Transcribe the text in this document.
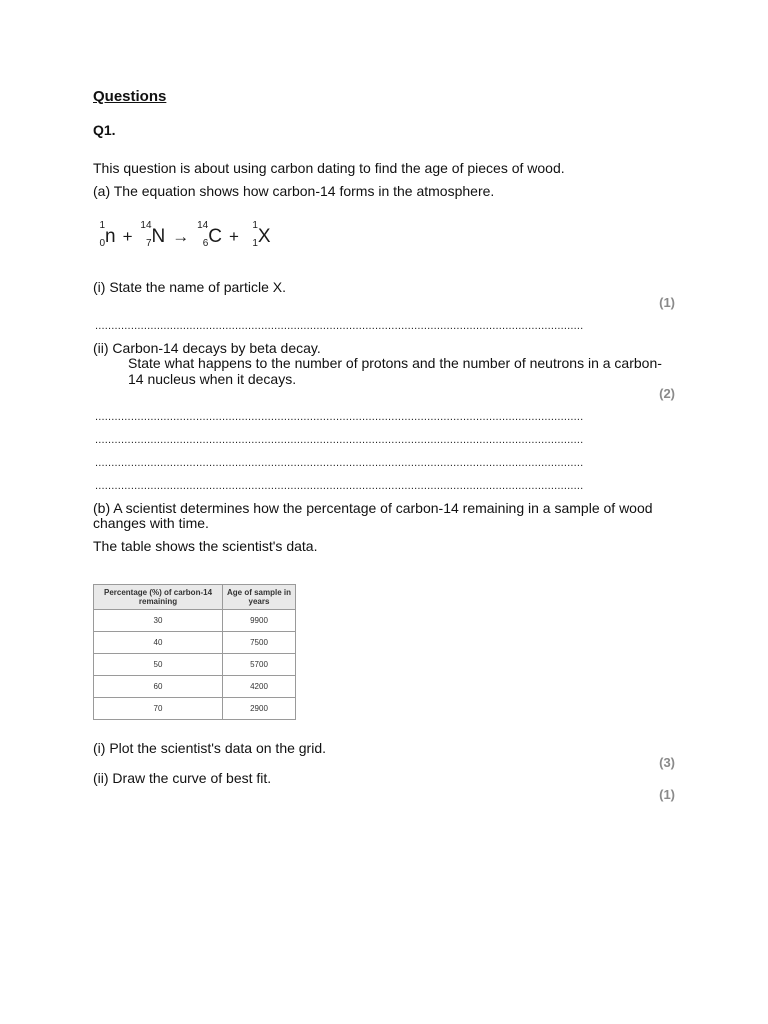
Questions
Q1.
This question is about using carbon dating to find the age of pieces of wood.
(a) The equation shows how carbon-14 forms in the atmosphere.
1
0 n +
14
7 N →
14
6 C +
1
1 X
(i) State the name of particle X.
(1)
......................................................................................................................................................
(ii) Carbon-14 decays by beta decay.
State what happens to the number of protons and the number of neutrons in a carbon-
14 nucleus when it decays.
(2)
......................................................................................................................................................
......................................................................................................................................................
......................................................................................................................................................
......................................................................................................................................................
(b) A scientist determines how the percentage of carbon-14 remaining in a sample of wood
changes with time.
The table shows the scientist's data.
Percentage (%) of carbon-14 remaining	Age of sample in years
30	9900
40	7500
50	5700
60	4200
70	2900
(i) Plot the scientist's data on the grid.
(3)
(ii) Draw the curve of best fit.
(1)
